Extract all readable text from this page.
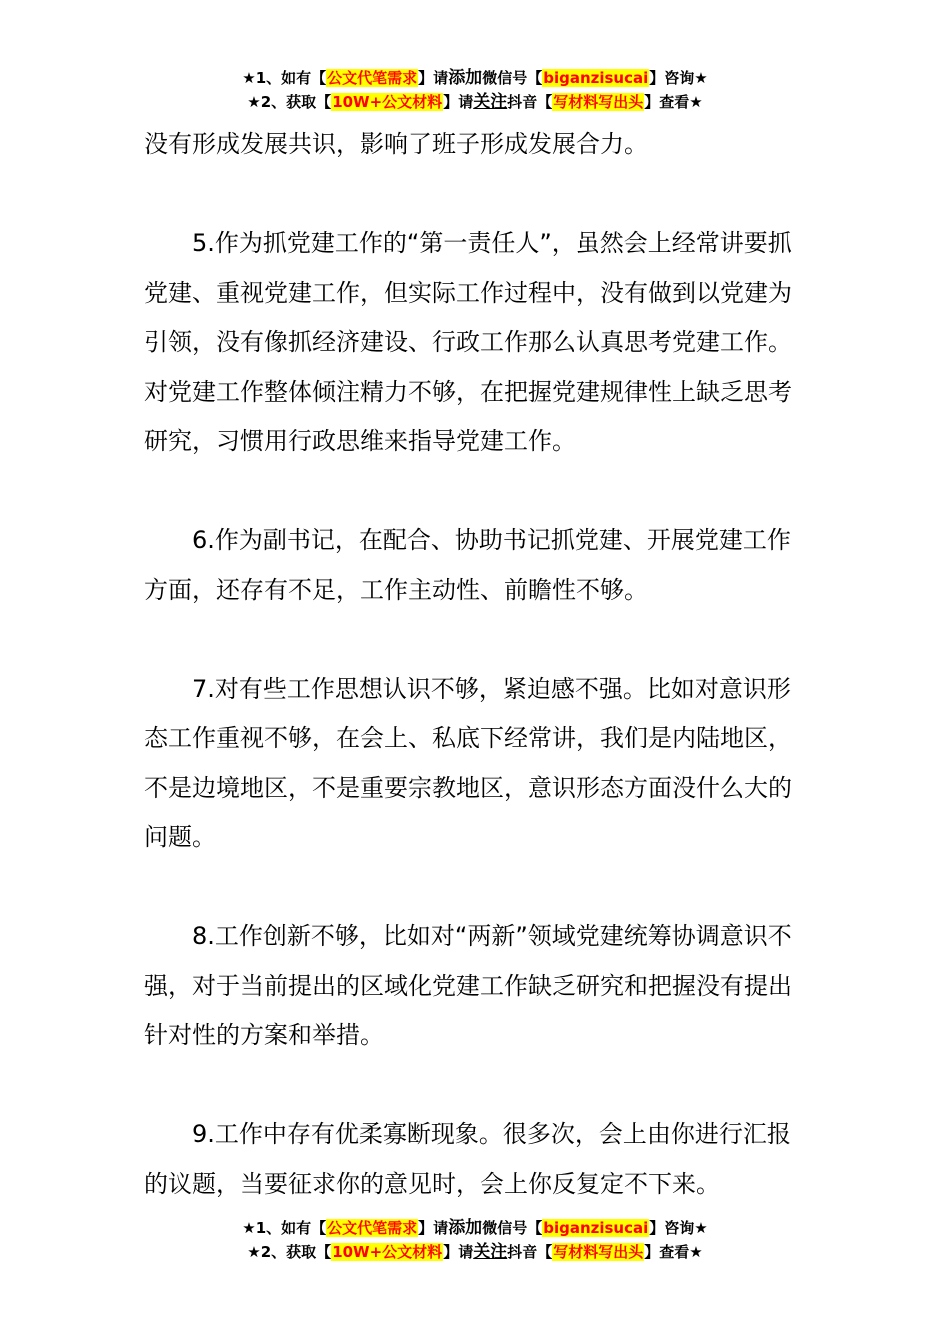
★1、如有【公文代笔需求】请添加微信号【biganzisucai】咨询★
★2、获取【10W+公文材料】请关注抖音【写材料写出头】查看★

没有形成发展共识，影响了班子形成发展合力。

5.作为抓党建工作的“第一责任人”，虽然会上经常讲要抓党建、重视党建工作，但实际工作过程中，没有做到以党建为引领，没有像抓经济建设、行政工作那么认真思考党建工作。对党建工作整体倾注精力不够，在把握党建规律性上缺乏思考研究，习惯用行政思维来指导党建工作。

6.作为副书记，在配合、协助书记抓党建、开展党建工作方面，还存有不足，工作主动性、前瞻性不够。

7.对有些工作思想认识不够，紧迫感不强。比如对意识形态工作重视不够，在会上、私底下经常讲，我们是内陆地区，不是边境地区，不是重要宗教地区，意识形态方面没什么大的问题。

8.工作创新不够，比如对“两新”领域党建统筹协调意识不强，对于当前提出的区域化党建工作缺乏研究和把握没有提出针对性的方案和举措。

9.工作中存有优柔寡断现象。很多次，会上由你进行汇报的议题，当要征求你的意见时，会上你反复定不下来。

★1、如有【公文代笔需求】请添加微信号【biganzisucai】咨询★
★2、获取【10W+公文材料】请关注抖音【写材料写出头】查看★
